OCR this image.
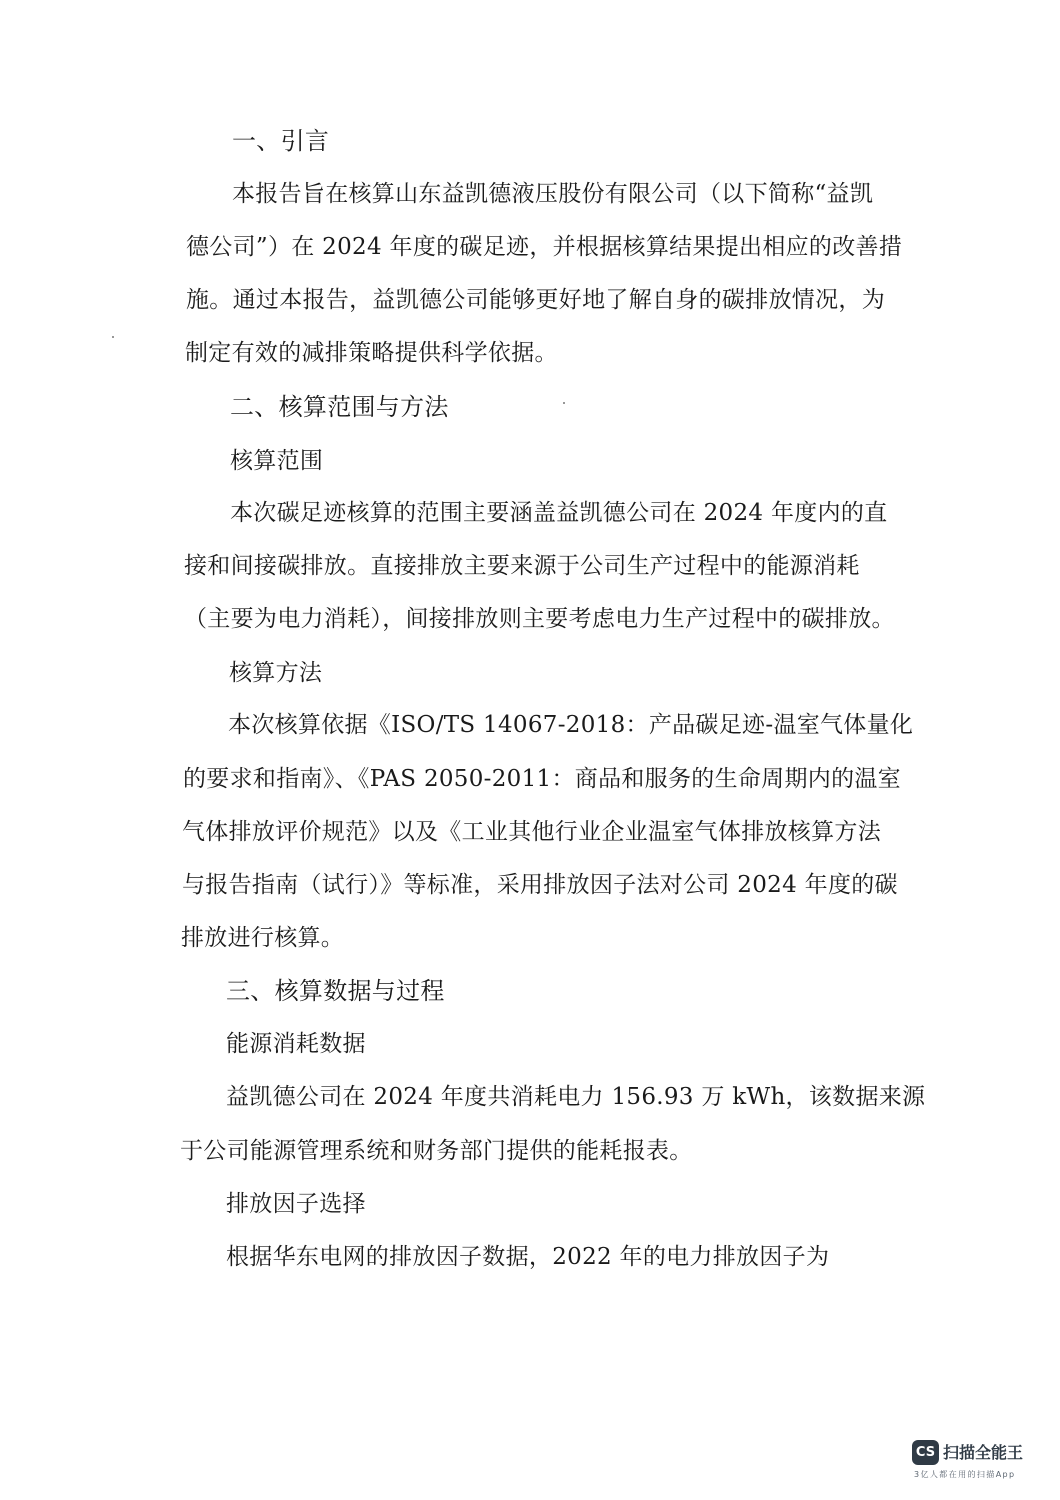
一、引言
本报告旨在核算山东益凯德液压股份有限公司（以下简称“益凯
德公司”）在 2024 年度的碳足迹，并根据核算结果提出相应的改善措
施。通过本报告，益凯德公司能够更好地了解自身的碳排放情况，为
制定有效的减排策略提供科学依据。
二、核算范围与方法
核算范围
本次碳足迹核算的范围主要涵盖益凯德公司在 2024 年度内的直
接和间接碳排放。直接排放主要来源于公司生产过程中的能源消耗
（主要为电力消耗），间接排放则主要考虑电力生产过程中的碳排放。
核算方法
本次核算依据《ISO/TS 14067-2018：产品碳足迹-温室气体量化
的要求和指南》、《PAS 2050-2011：商品和服务的生命周期内的温室
气体排放评价规范》以及《工业其他行业企业温室气体排放核算方法
与报告指南（试行）》等标准，采用排放因子法对公司 2024 年度的碳
排放进行核算。
三、核算数据与过程
能源消耗数据
益凯德公司在 2024 年度共消耗电力 156.93 万 kWh，该数据来源
于公司能源管理系统和财务部门提供的能耗报表。
排放因子选择
根据华东电网的排放因子数据，2022 年的电力排放因子为
CS 扫描全能王
3亿人都在用的扫描App
